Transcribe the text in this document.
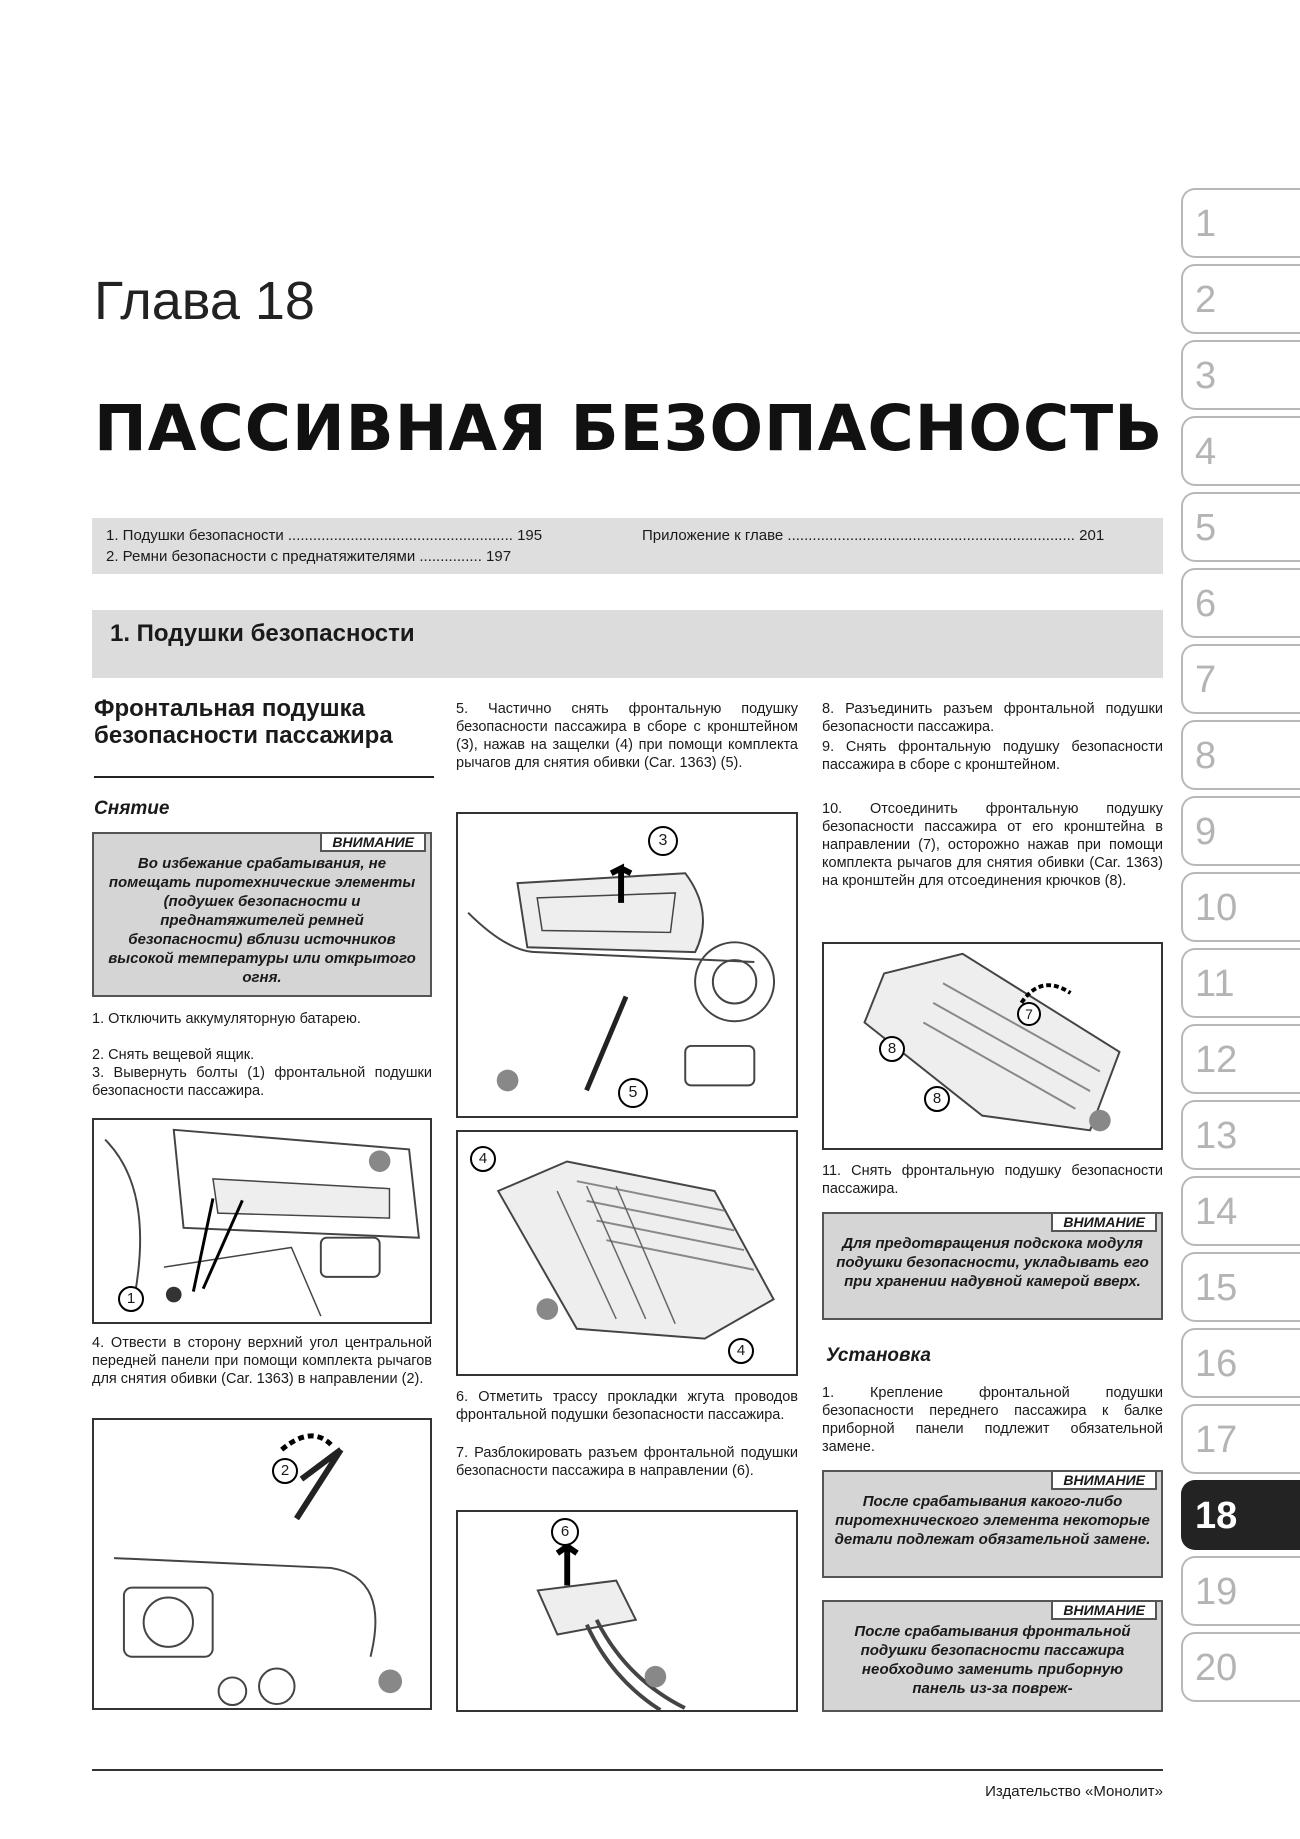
1
2
3
4
5
6
7
8
9
10
11
12
13
14
15
16
17
18
19
20
Глава 18
ПАССИВНАЯ БЕЗОПАСНОСТЬ
1. Подушки безопасности ...................................................... 195
2. Ремни безопасности с преднатяжителями ............... 197
Приложение к главе ..................................................................... 201
1. Подушки безопасности
Фронтальная подушка безопасности пассажира
Снятие
ВНИМАНИЕ
Во избежание срабатывания, не помещать пиротехнические элементы (подушек безопасности и преднатяжителей ремней безопасности) вблизи источников высокой температуры или открытого огня.
1. Отключить аккумуляторную батарею.
2. Снять вещевой ящик.
3. Вывернуть болты (1) фронтальной подушки безопасности пассажира.
1
4. Отвести в сторону верхний угол центральной передней панели при помощи комплекта рычагов для снятия обивки (Car. 1363) в направлении (2).
2
5. Частично снять фронтальную подушку безопасности пассажира в сборе с кронштейном (3), нажав на защелки (4) при помощи комплекта рычагов для снятия обивки (Car. 1363) (5).
3
5
4
4
6. Отметить трассу прокладки жгута проводов фронтальной подушки безопасности пассажира.
7. Разблокировать разъем фронтальной подушки безопасности пассажира в направлении (6).
6
8. Разъединить разъем фронтальной подушки безопасности пассажира.
9. Снять фронтальную подушку безопасности пассажира в сборе с кронштейном.
10. Отсоединить фронтальную подушку безопасности пассажира от его кронштейна в направлении (7), осторожно нажав при помощи комплекта рычагов для снятия обивки (Car. 1363) на кронштейн для отсоединения крючков (8).
8
8
7
11. Снять фронтальную подушку безопасности пассажира.
ВНИМАНИЕ
Для предотвращения подскока модуля подушки безопасности, укладывать его при хранении надувной камерой вверх.
Установка
1. Крепление фронтальной подушки безопасности переднего пассажира к балке приборной панели подлежит обязательной замене.
ВНИМАНИЕ
После срабатывания какого-либо пиротехнического элемента некоторые детали подлежат обязательной замене.
ВНИМАНИЕ
После срабатывания фронтальной подушки безопасности пассажира необходимо заменить приборную панель из-за повреж-
Издательство «Монолит»
